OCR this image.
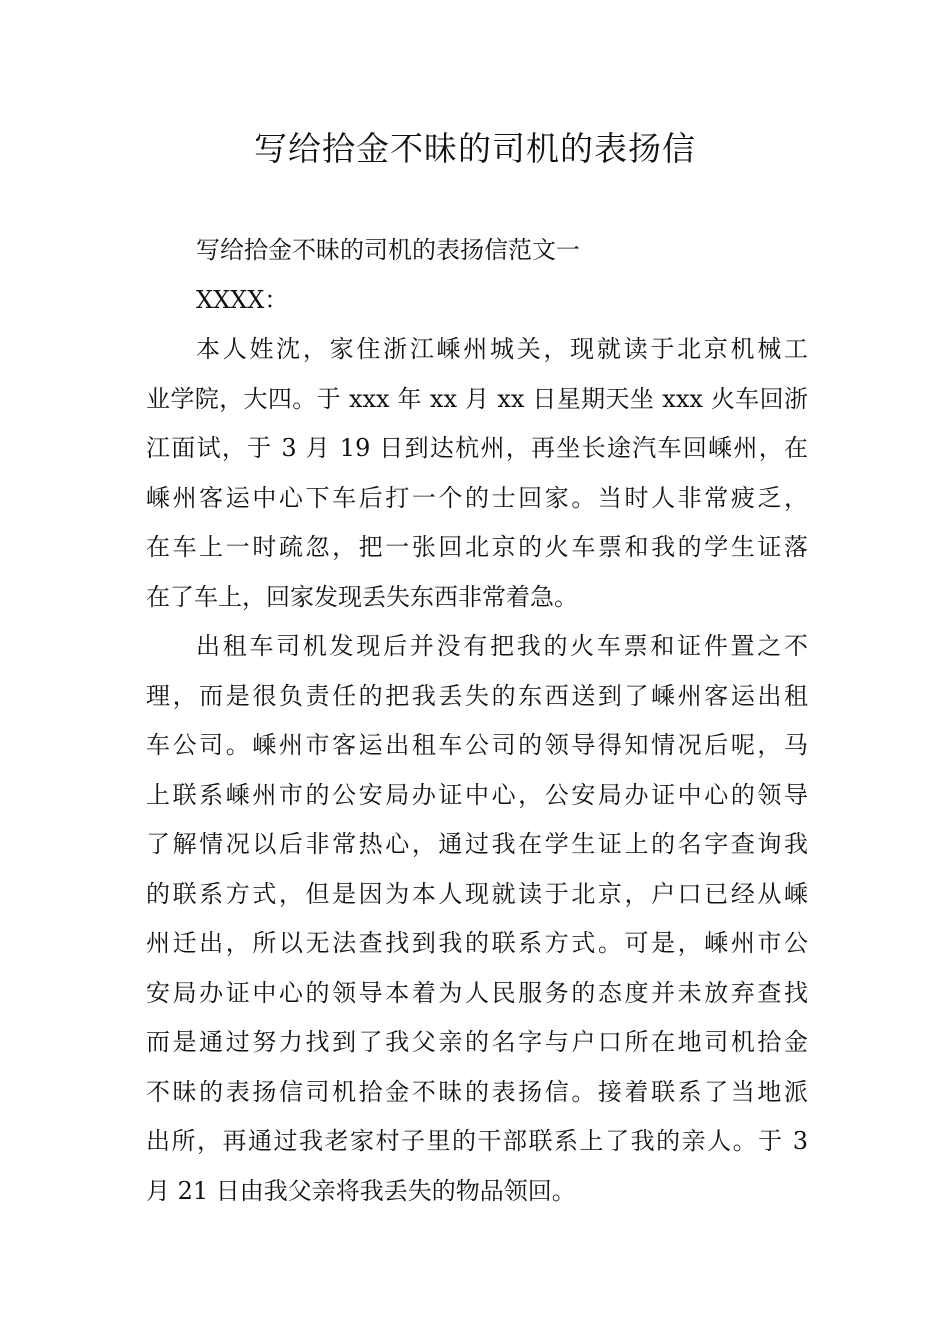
写给拾金不昧的司机的表扬信
写给拾金不昧的司机的表扬信范文一
XXXX：
本人姓沈，家住浙江嵊州城关，现就读于北京机械工
业学院，大四。于 xxx 年 xx 月 xx 日星期天坐 xxx 火车回浙
江面试，于 3 月 19 日到达杭州，再坐长途汽车回嵊州，在
嵊州客运中心下车后打一个的士回家。当时人非常疲乏，
在车上一时疏忽，把一张回北京的火车票和我的学生证落
在了车上，回家发现丢失东西非常着急。
出租车司机发现后并没有把我的火车票和证件置之不
理，而是很负责任的把我丢失的东西送到了嵊州客运出租
车公司。嵊州市客运出租车公司的领导得知情况后呢，马
上联系嵊州市的公安局办证中心，公安局办证中心的领导
了解情况以后非常热心，通过我在学生证上的名字查询我
的联系方式，但是因为本人现就读于北京，户口已经从嵊
州迁出，所以无法查找到我的联系方式。可是，嵊州市公
安局办证中心的领导本着为人民服务的态度并未放弃查找
而是通过努力找到了我父亲的名字与户口所在地司机拾金
不昧的表扬信司机拾金不昧的表扬信。接着联系了当地派
出所，再通过我老家村子里的干部联系上了我的亲人。于 3
月 21 日由我父亲将我丢失的物品领回。
